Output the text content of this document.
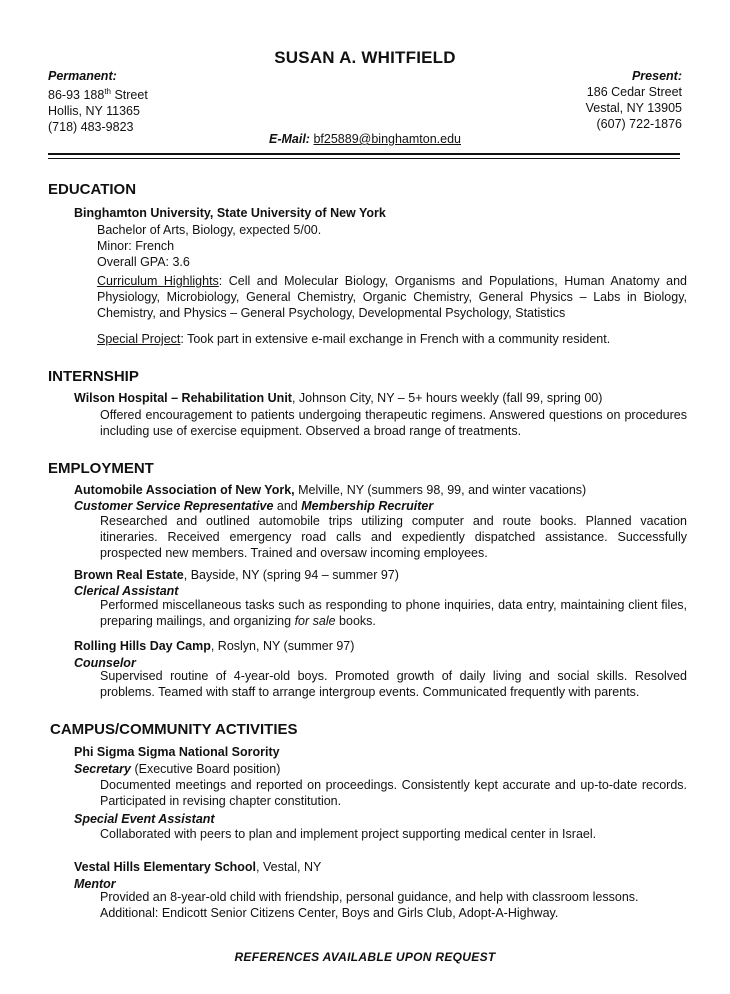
SUSAN A. WHITFIELD
Permanent:
86-93 188th Street
Hollis, NY 11365
(718) 483-9823
Present:
186 Cedar Street
Vestal, NY 13905
(607) 722-1876
E-Mail: bf25889@binghamton.edu
EDUCATION
Binghamton University, State University of New York
Bachelor of Arts, Biology, expected 5/00.
Minor: French
Overall GPA: 3.6
Curriculum Highlights: Cell and Molecular Biology, Organisms and Populations, Human Anatomy and Physiology, Microbiology, General Chemistry, Organic Chemistry, General Physics – Labs in Biology, Chemistry, and Physics – General Psychology, Developmental Psychology, Statistics
Special Project: Took part in extensive e-mail exchange in French with a community resident.
INTERNSHIP
Wilson Hospital – Rehabilitation Unit, Johnson City, NY – 5+ hours weekly (fall 99, spring 00)
Offered encouragement to patients undergoing therapeutic regimens. Answered questions on procedures including use of exercise equipment. Observed a broad range of treatments.
EMPLOYMENT
Automobile Association of New York, Melville, NY (summers 98, 99, and winter vacations)
Customer Service Representative and Membership Recruiter
Researched and outlined automobile trips utilizing computer and route books. Planned vacation itineraries. Received emergency road calls and expediently dispatched assistance. Successfully prospected new members. Trained and oversaw incoming employees.
Brown Real Estate, Bayside, NY (spring 94 – summer 97)
Clerical Assistant
Performed miscellaneous tasks such as responding to phone inquiries, data entry, maintaining client files, preparing mailings, and organizing for sale books.
Rolling Hills Day Camp, Roslyn, NY (summer 97)
Counselor
Supervised routine of 4-year-old boys. Promoted growth of daily living and social skills. Resolved problems. Teamed with staff to arrange intergroup events. Communicated frequently with parents.
CAMPUS/COMMUNITY ACTIVITIES
Phi Sigma Sigma National Sorority
Secretary (Executive Board position)
Documented meetings and reported on proceedings. Consistently kept accurate and up-to-date records. Participated in revising chapter constitution.
Special Event Assistant
Collaborated with peers to plan and implement project supporting medical center in Israel.
Vestal Hills Elementary School, Vestal, NY
Mentor
Provided an 8-year-old child with friendship, personal guidance, and help with classroom lessons.
Additional: Endicott Senior Citizens Center, Boys and Girls Club, Adopt-A-Highway.
REFERENCES AVAILABLE UPON REQUEST
